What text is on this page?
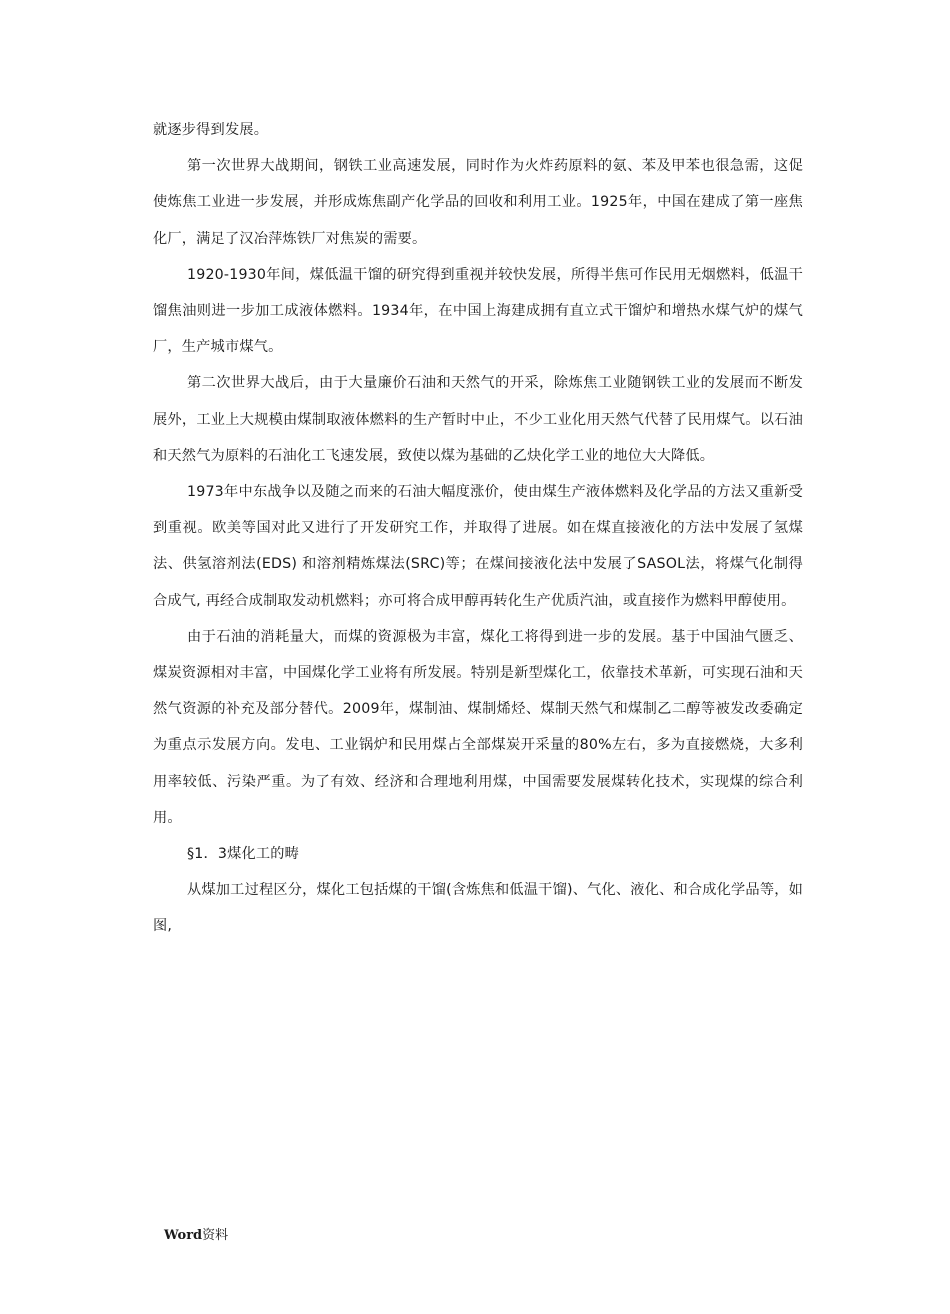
就逐步得到发展。

第一次世界大战期间，钢铁工业高速发展，同时作为火炸药原料的氨、苯及甲苯也很急需，这促使炼焦工业进一步发展，并形成炼焦副产化学品的回收和利用工业。1925年，中国在建成了第一座焦化厂，满足了汉冶萍炼铁厂对焦炭的需要。

1920-1930年间，煤低温干馏的研究得到重视并较快发展，所得半焦可作民用无烟燃料，低温干馏焦油则进一步加工成液体燃料。1934年，在中国上海建成拥有直立式干馏炉和增热水煤气炉的煤气厂，生产城市煤气。

第二次世界大战后，由于大量廉价石油和天然气的开采，除炼焦工业随钢铁工业的发展而不断发展外，工业上大规模由煤制取液体燃料的生产暂时中止，不少工业化用天然气代替了民用煤气。以石油和天然气为原料的石油化工飞速发展，致使以煤为基础的乙炔化学工业的地位大大降低。

1973年中东战争以及随之而来的石油大幅度涨价，使由煤生产液体燃料及化学品的方法又重新受到重视。欧美等国对此又进行了开发研究工作，并取得了进展。如在煤直接液化的方法中发展了氢煤法、供氢溶剂法(EDS) 和溶剂精炼煤法(SRC)等；在煤间接液化法中发展了SASOL法，将煤气化制得合成气, 再经合成制取发动机燃料；亦可将合成甲醇再转化生产优质汽油，或直接作为燃料甲醇使用。

由于石油的消耗量大，而煤的资源极为丰富，煤化工将得到进一步的发展。基于中国油气匮乏、煤炭资源相对丰富，中国煤化学工业将有所发展。特别是新型煤化工，依靠技术革新，可实现石油和天然气资源的补充及部分替代。2009年，煤制油、煤制烯烃、煤制天然气和煤制乙二醇等被发改委确定为重点示发展方向。发电、工业锅炉和民用煤占全部煤炭开采量的80%左右，多为直接燃烧，大多利用率较低、污染严重。为了有效、经济和合理地利用煤，中国需要发展煤转化技术，实现煤的综合利用。

§1．3煤化工的畴

从煤加工过程区分，煤化工包括煤的干馏(含炼焦和低温干馏)、气化、液化、和合成化学品等，如图,

Word资料
